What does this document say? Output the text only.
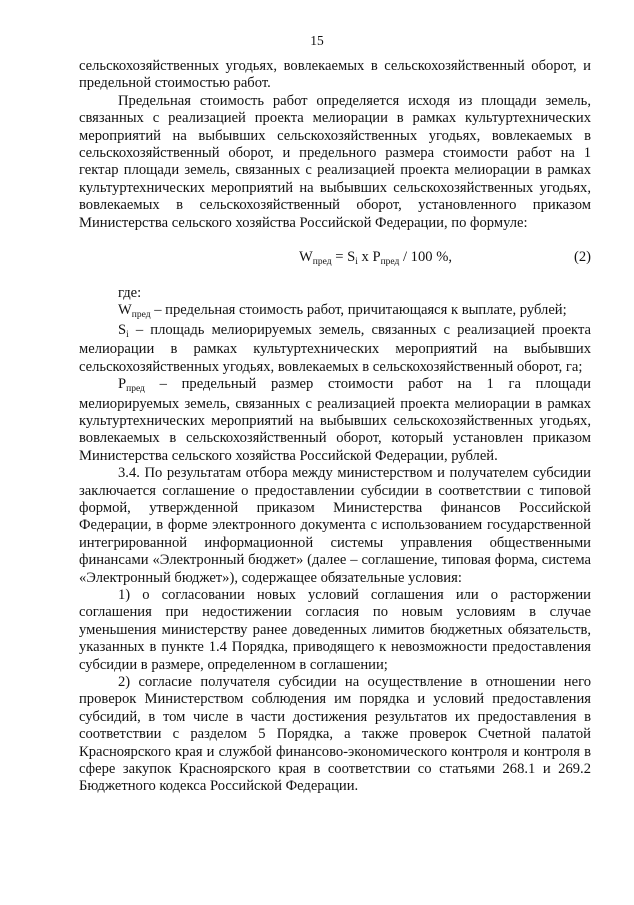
15

сельскохозяйственных угодьях, вовлекаемых в сельскохозяйственный оборот, и предельной стоимостью работ.

Предельная стоимость работ определяется исходя из площади земель, связанных с реализацией проекта мелиорации в рамках культуртехнических мероприятий на выбывших сельскохозяйственных угодьях, вовлекаемых в сельскохозяйственный оборот, и предельного размера стоимости работ на 1 гектар площади земель, связанных с реализацией проекта мелиорации в рамках культуртехнических мероприятий на выбывших сельскохозяйственных угодьях, вовлекаемых в сельскохозяйственный оборот, установленного приказом Министерства сельского хозяйства Российской Федерации, по формуле:

$W_{пред} = S_i$ x $P_{пред} / 100$ %,	(2)

где:

$W_{пред}$ – предельная стоимость работ, причитающаяся к выплате, рублей;

$S_i$ – площадь мелиорируемых земель, связанных с реализацией проекта мелиорации в рамках культуртехнических мероприятий на выбывших сельскохозяйственных угодьях, вовлекаемых в сельскохозяйственный оборот, га;

$P_{пред}$ – предельный размер стоимости работ на 1 га площади мелиорируемых земель, связанных с реализацией проекта мелиорации в рамках культуртехнических мероприятий на выбывших сельскохозяйственных угодьях, вовлекаемых в сельскохозяйственный оборот, который установлен приказом Министерства сельского хозяйства Российской Федерации, рублей.

3.4. По результатам отбора между министерством и получателем субсидии заключается соглашение о предоставлении субсидии в соответствии с типовой формой, утвержденной приказом Министерства финансов Российской Федерации, в форме электронного документа с использованием государственной интегрированной информационной системы управления общественными финансами «Электронный бюджет» (далее – соглашение, типовая форма, система «Электронный бюджет»), содержащее обязательные условия:

1) о согласовании новых условий соглашения или о расторжении соглашения при недостижении согласия по новым условиям в случае уменьшения министерству ранее доведенных лимитов бюджетных обязательств, указанных в пункте 1.4 Порядка, приводящего к невозможности предоставления субсидии в размере, определенном в соглашении;

2) согласие получателя субсидии на осуществление в отношении него проверок Министерством соблюдения им порядка и условий предоставления субсидий, в том числе в части достижения результатов их предоставления в соответствии с разделом 5 Порядка, а также проверок Счетной палатой Красноярского края и службой финансово-экономического контроля и контроля в сфере закупок Красноярского края в соответствии со статьями 268.1 и 269.2 Бюджетного кодекса Российской Федерации.
